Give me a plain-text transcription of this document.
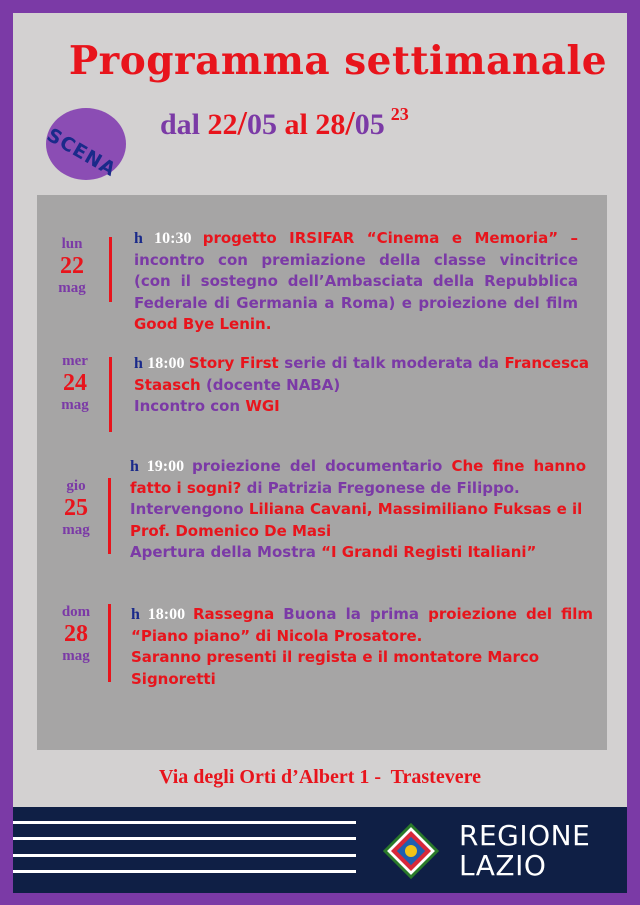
Programma settimanale
SCENA dal 22/05 al 28/05 $^{23}$
lun
22
mag
h 10:30 progetto IRSIFAR “Cinema e Memoria” – incontro con premiazione della classe vincitrice (con il sostegno dell’Ambasciata della Repubblica Federale di Germania a Roma) e proiezione del film Good Bye Lenin.
mer
24
mag
h 18:00 Story First serie di talk moderata da Francesca Staasch (docente NABA)
Incontro con WGI
gio
25
mag
h 19:00 proiezione del documentario Che fine hanno fatto i sogni? di Patrizia Fregonese de Filippo.
Intervengono Liliana Cavani, Massimiliano Fuksas e il Prof. Domenico De Masi
Apertura della Mostra “I Grandi Registi Italiani”
dom
28
mag
h 18:00 Rassegna Buona la prima proiezione del film “Piano piano” di Nicola Prosatore.
Saranno presenti il regista e il montatore Marco Signoretti
Via degli Orti d’Albert 1 -  Trastevere
REGIONE
LAZIO
